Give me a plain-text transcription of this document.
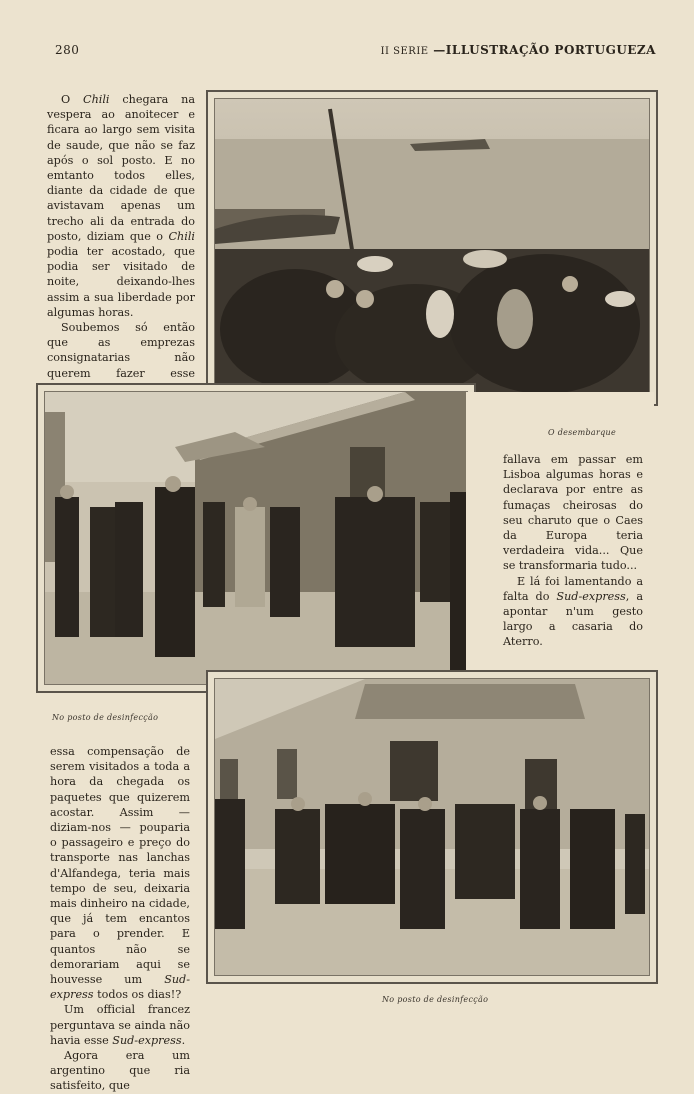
280	II SERIE —ILLUSTRAÇÃO PORTUGUEZA

O Chili chegara na vespera ao anoitecer e ficara ao largo sem visita de saude, que não se faz após o sol posto. E no emtanto todos elles, diante da cidade de que avistavam apenas um trecho ali da entrada do posto, diziam que o Chili podia ter acostado, que podia ser visitado de noite, deixando-lhes assim a sua liberdade por algumas horas.

Soubemos só então que as emprezas consignatarias não querem fazer esse

fallava em passar em Lisboa algumas horas e declarava por entre as fumaças cheirosas do seu charuto que o Caes da Europa teria verdadeira vida... Que se transformaria tudo...

E lá foi lamentando a falta do Sud-express, a apontar n'um gesto largo a casaria do Aterro.

O desembarque
No posto de desinfecção

essa compensação de serem visitados a toda a hora da chegada os paquetes que quizerem acostar. Assim — diziam-nos — pouparia o passageiro e preço do transporte nas lanchas d'Alfandega, teria mais tempo de seu, deixaria mais dinheiro na cidade, que já tem encantos para o prender. E quantos não se demorariam aqui se houvesse um Sud-express todos os dias!?

Um official francez perguntava se ainda não havia esse Sud-express.

Agora era um argentino que ria satisfeito, que

No posto de desinfecção
